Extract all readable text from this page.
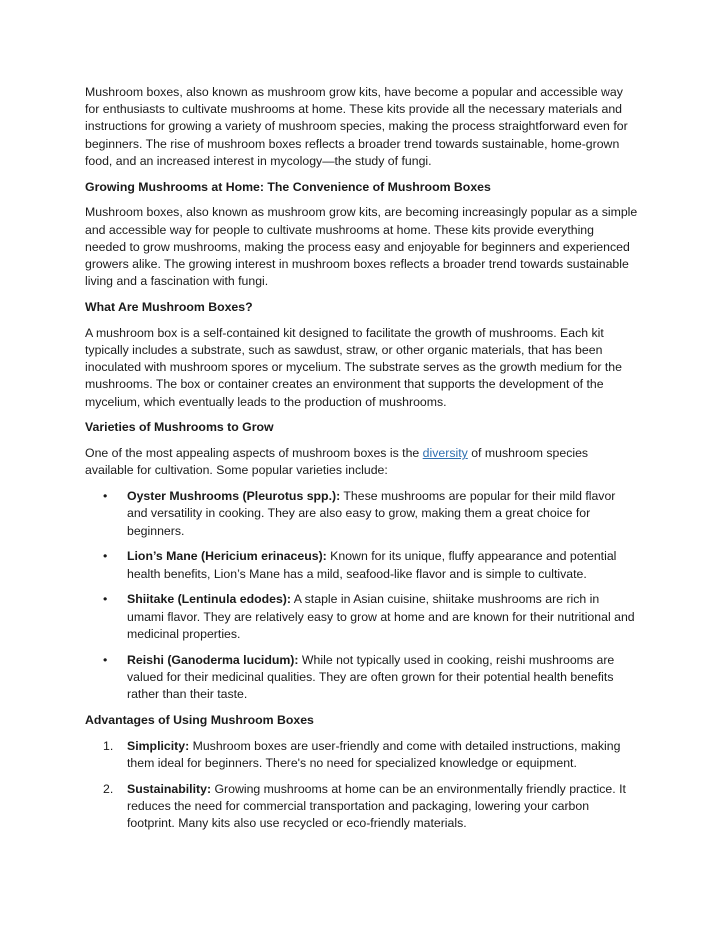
Mushroom boxes, also known as mushroom grow kits, have become a popular and accessible way for enthusiasts to cultivate mushrooms at home. These kits provide all the necessary materials and instructions for growing a variety of mushroom species, making the process straightforward even for beginners. The rise of mushroom boxes reflects a broader trend towards sustainable, home-grown food, and an increased interest in mycology—the study of fungi.

Growing Mushrooms at Home: The Convenience of Mushroom Boxes

Mushroom boxes, also known as mushroom grow kits, are becoming increasingly popular as a simple and accessible way for people to cultivate mushrooms at home. These kits provide everything needed to grow mushrooms, making the process easy and enjoyable for beginners and experienced growers alike. The growing interest in mushroom boxes reflects a broader trend towards sustainable living and a fascination with fungi.

What Are Mushroom Boxes?

A mushroom box is a self-contained kit designed to facilitate the growth of mushrooms. Each kit typically includes a substrate, such as sawdust, straw, or other organic materials, that has been inoculated with mushroom spores or mycelium. The substrate serves as the growth medium for the mushrooms. The box or container creates an environment that supports the development of the mycelium, which eventually leads to the production of mushrooms.

Varieties of Mushrooms to Grow

One of the most appealing aspects of mushroom boxes is the diversity of mushroom species available for cultivation. Some popular varieties include:

• Oyster Mushrooms (Pleurotus spp.): These mushrooms are popular for their mild flavor and versatility in cooking. They are also easy to grow, making them a great choice for beginners.
• Lion’s Mane (Hericium erinaceus): Known for its unique, fluffy appearance and potential health benefits, Lion’s Mane has a mild, seafood-like flavor and is simple to cultivate.
• Shiitake (Lentinula edodes): A staple in Asian cuisine, shiitake mushrooms are rich in umami flavor. They are relatively easy to grow at home and are known for their nutritional and medicinal properties.
• Reishi (Ganoderma lucidum): While not typically used in cooking, reishi mushrooms are valued for their medicinal qualities. They are often grown for their potential health benefits rather than their taste.

Advantages of Using Mushroom Boxes

1. Simplicity: Mushroom boxes are user-friendly and come with detailed instructions, making them ideal for beginners. There's no need for specialized knowledge or equipment.
2. Sustainability: Growing mushrooms at home can be an environmentally friendly practice. It reduces the need for commercial transportation and packaging, lowering your carbon footprint. Many kits also use recycled or eco-friendly materials.
